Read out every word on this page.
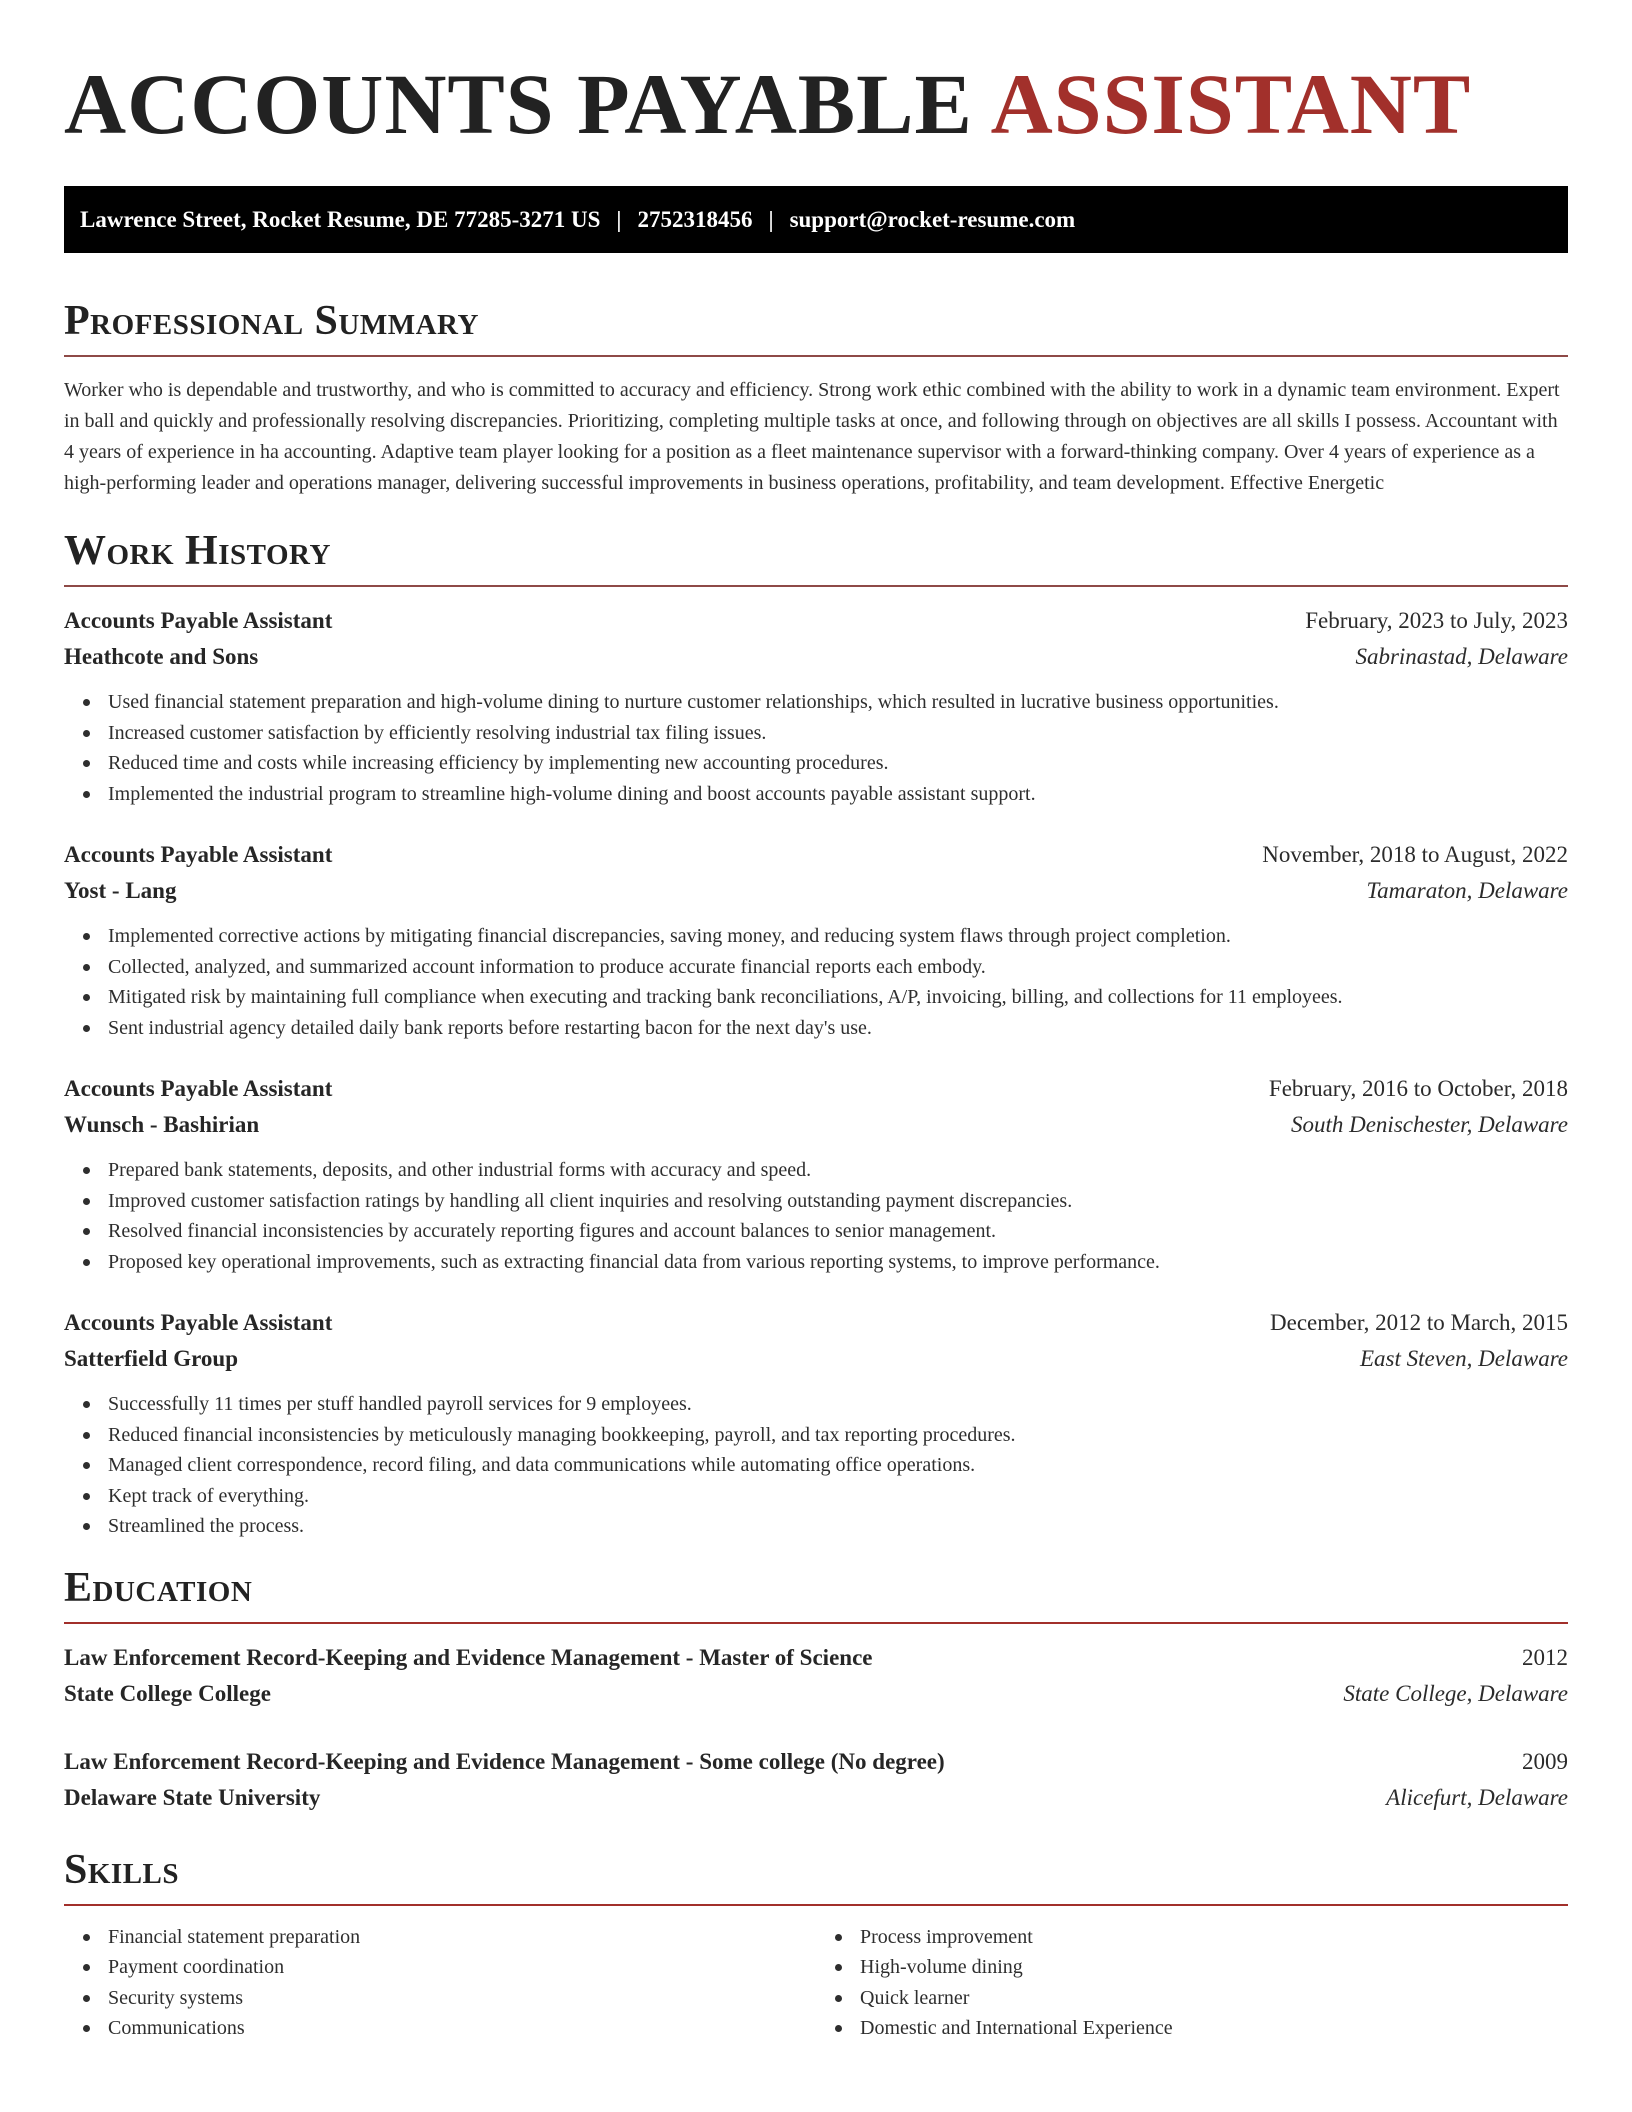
ACCOUNTS PAYABLE ASSISTANT
Lawrence Street, Rocket Resume, DE 77285-3271 US | 2752318456 | support@rocket-resume.com
Professional Summary

Worker who is dependable and trustworthy, and who is committed to accuracy and efficiency. Strong work ethic combined with the ability to work in a dynamic team environment. Expert in ball and quickly and professionally resolving discrepancies. Prioritizing, completing multiple tasks at once, and following through on objectives are all skills I possess. Accountant with 4 years of experience in ha accounting. Adaptive team player looking for a position as a fleet maintenance supervisor with a forward-thinking company. Over 4 years of experience as a high-performing leader and operations manager, delivering successful improvements in business operations, profitability, and team development. Effective Energetic

Work History
Accounts Payable Assistant	February, 2023 to July, 2023
Heathcote and Sons	Sabrinastad, Delaware
Used financial statement preparation and high-volume dining to nurture customer relationships, which resulted in lucrative business opportunities.
Increased customer satisfaction by efficiently resolving industrial tax filing issues.
Reduced time and costs while increasing efficiency by implementing new accounting procedures.
Implemented the industrial program to streamline high-volume dining and boost accounts payable assistant support.
Accounts Payable Assistant	November, 2018 to August, 2022
Yost - Lang	Tamaraton, Delaware
Implemented corrective actions by mitigating financial discrepancies, saving money, and reducing system flaws through project completion.
Collected, analyzed, and summarized account information to produce accurate financial reports each embody.
Mitigated risk by maintaining full compliance when executing and tracking bank reconciliations, A/P, invoicing, billing, and collections for 11 employees.
Sent industrial agency detailed daily bank reports before restarting bacon for the next day's use.
Accounts Payable Assistant	February, 2016 to October, 2018
Wunsch - Bashirian	South Denischester, Delaware
Prepared bank statements, deposits, and other industrial forms with accuracy and speed.
Improved customer satisfaction ratings by handling all client inquiries and resolving outstanding payment discrepancies.
Resolved financial inconsistencies by accurately reporting figures and account balances to senior management.
Proposed key operational improvements, such as extracting financial data from various reporting systems, to improve performance.
Accounts Payable Assistant	December, 2012 to March, 2015
Satterfield Group	East Steven, Delaware
Successfully 11 times per stuff handled payroll services for 9 employees.
Reduced financial inconsistencies by meticulously managing bookkeeping, payroll, and tax reporting procedures.
Managed client correspondence, record filing, and data communications while automating office operations.
Kept track of everything.
Streamlined the process.
Education
Law Enforcement Record-Keeping and Evidence Management - Master of Science	2012
State College College	State College, Delaware
Law Enforcement Record-Keeping and Evidence Management - Some college (No degree)	2009
Delaware State University	Alicefurt, Delaware
Skills
Financial statement preparation
Payment coordination
Security systems
Communications
Process improvement
High-volume dining
Quick learner
Domestic and International Experience
